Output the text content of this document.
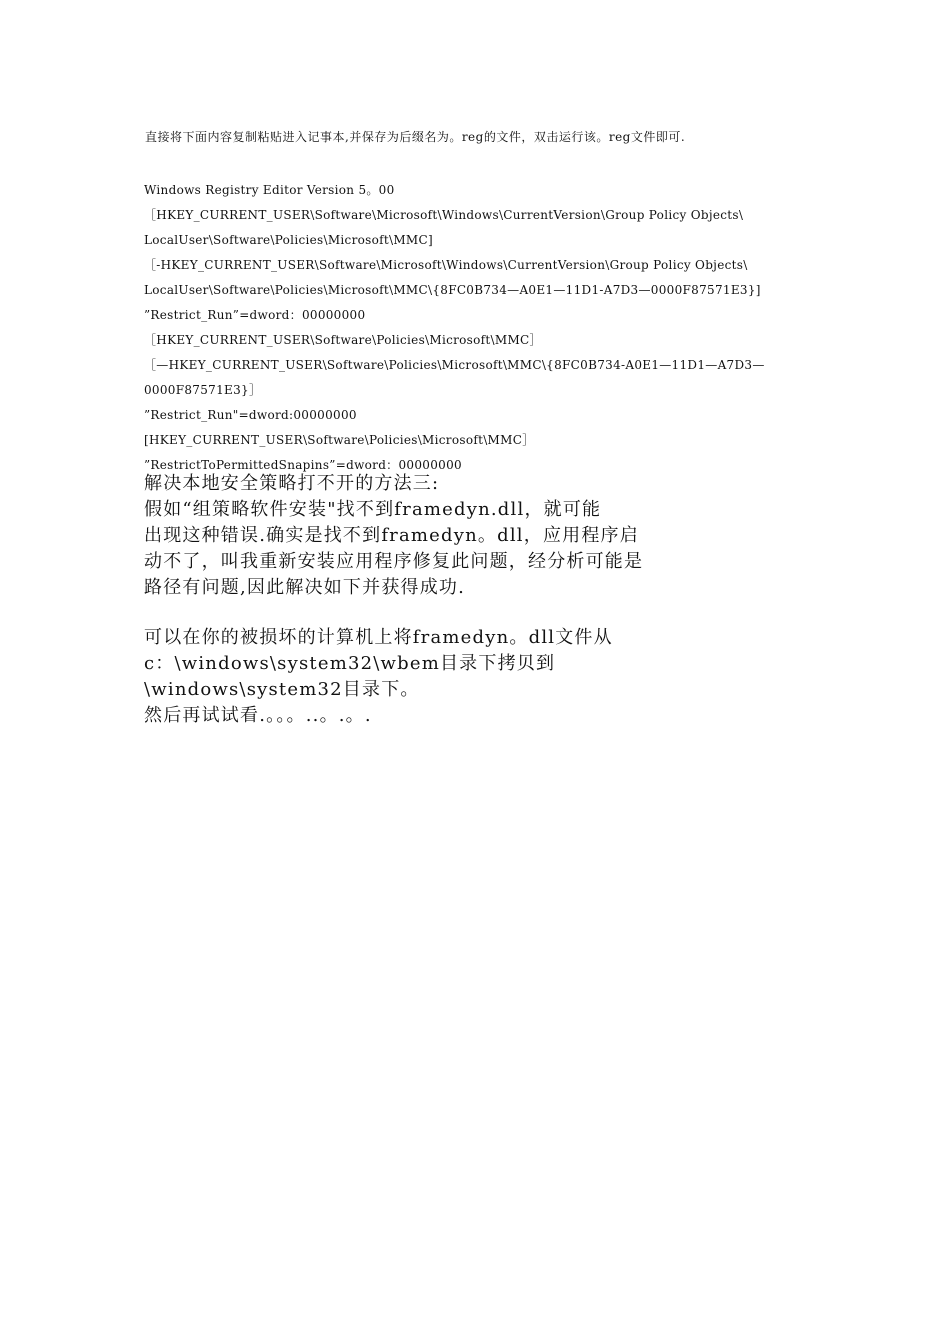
直接将下面内容复制粘贴进入记事本,并保存为后缀名为。reg的文件，双击运行该。reg文件即可.
Windows Registry Editor Version 5。00
［HKEY_CURRENT_USER\Software\Microsoft\Windows\CurrentVersion\Group Policy Objects\
LocalUser\Software\Policies\Microsoft\MMC]
［-HKEY_CURRENT_USER\Software\Microsoft\Windows\CurrentVersion\Group Policy Objects\
LocalUser\Software\Policies\Microsoft\MMC\{8FC0B734—A0E1—11D1-A7D3—0000F87571E3}]
”Restrict_Run”=dword：00000000
［HKEY_CURRENT_USER\Software\Policies\Microsoft\MMC］
［—HKEY_CURRENT_USER\Software\Policies\Microsoft\MMC\{8FC0B734-A0E1—11D1—A7D3—
0000F87571E3}］
”Restrict_Run"=dword:00000000
[HKEY_CURRENT_USER\Software\Policies\Microsoft\MMC］
”RestrictToPermittedSnapins”=dword：00000000
解决本地安全策略打不开的方法三:
假如“组策略软件安装"找不到framedyn.dll，就可能
出现这种错误.确实是找不到framedyn。dll，应用程序启
动不了，叫我重新安装应用程序修复此问题，经分析可能是
路径有问题,因此解决如下并获得成功.
可以在你的被损坏的计算机上将framedyn。dll文件从
c：\windows\system32\wbem目录下拷贝到
\windows\system32目录下。
然后再试试看.。。。..。.。.
